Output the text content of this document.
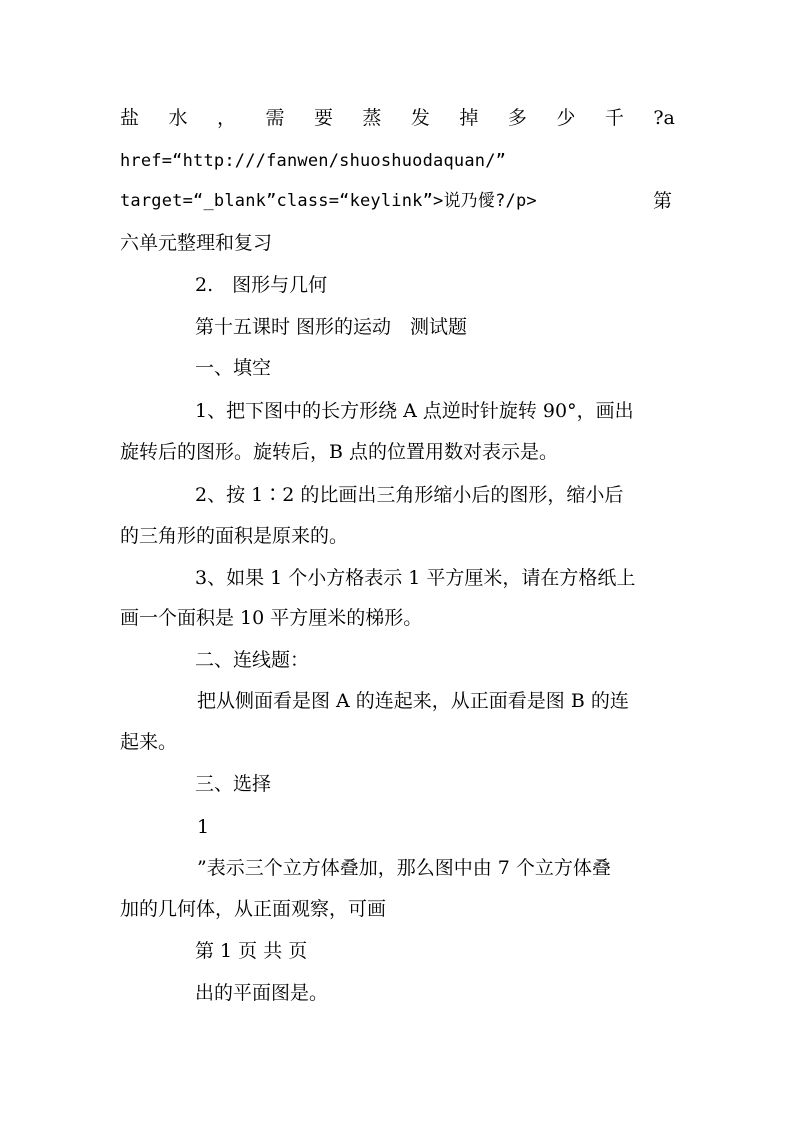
盐 水 ， 需 要 蒸 发 掉 多 少 千 ?a
href=“http:///fanwen/shuoshuodaquan/”
target=“_blank”class=“keylink”>说乃僾?/p>	第
六单元整理和复习
2.　图形与几何
第十五课时 图形的运动　测试题
一、填空
1、把下图中的长方形绕 A 点逆时针旋转 90°，画出
旋转后的图形。旋转后，B 点的位置用数对表示是。
2、按 1∶2 的比画出三角形缩小后的图形，缩小后
的三角形的面积是原来的。
3、如果 1 个小方格表示 1 平方厘米，请在方格纸上
画一个面积是 10 平方厘米的梯形。
二、连线题：
把从侧面看是图 A 的连起来，从正面看是图 B 的连
起来。
三、选择
1
”表示三个立方体叠加，那么图中由 7 个立方体叠
加的几何体，从正面观察，可画
第 1 页 共 页
出的平面图是。
